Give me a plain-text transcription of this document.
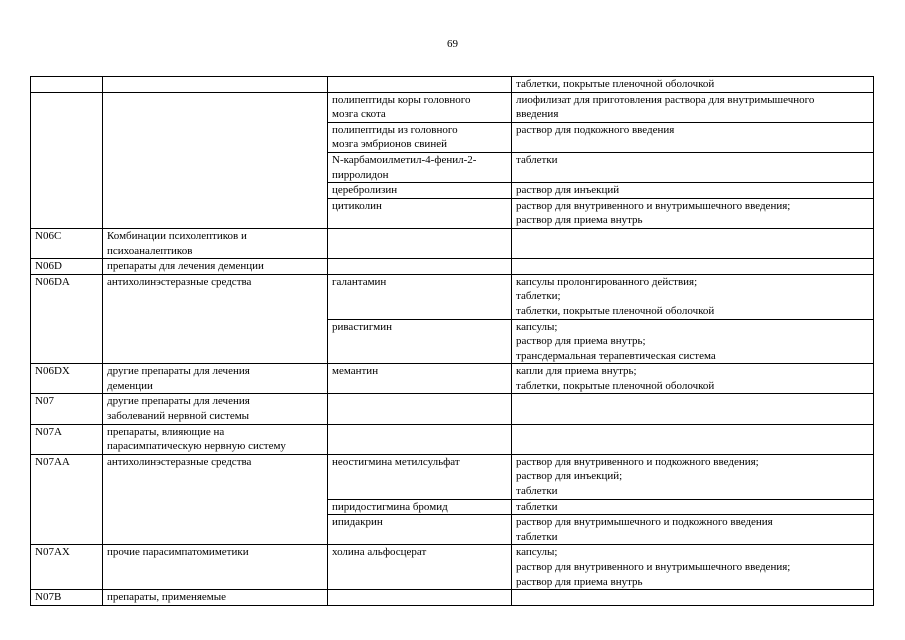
69

			таблетки, покрытые пленочной оболочкой

		полипептиды коры головного
мозга скота	лиофилизат для приготовления раствора для внутримышечного
введения

		полипептиды из головного
мозга эмбрионов свиней	раствор для подкожного введения

		N-карбамоилметил-4-фенил-2-
пирролидон	таблетки

		церебролизин	раствор для инъекций

		цитиколин	раствор для внутривенного и внутримышечного введения;
раствор для приема внутрь

N06C	Комбинации психолептиков и
психоаналептиков		

N06D	препараты для лечения деменции		

N06DA	антихолинэстеразные средства	галантамин	капсулы пролонгированного действия;
таблетки;
таблетки, покрытые пленочной оболочкой

		ривастигмин	капсулы;
раствор для приема внутрь;
трансдермальная терапевтическая система

N06DX	другие препараты для лечения
деменции	мемантин	капли для приема внутрь;
таблетки, покрытые пленочной оболочкой

N07	другие препараты для лечения
заболеваний нервной системы		

N07A	препараты, влияющие на
парасимпатическую нервную систему		

N07AA	антихолинэстеразные средства	неостигмина метилсульфат	раствор для внутривенного и подкожного введения;
раствор для инъекций;
таблетки

		пиридостигмина бромид	таблетки

		ипидакрин	раствор для внутримышечного и подкожного введения
таблетки

N07AX	прочие парасимпатомиметики	холина альфосцерат	капсулы;
раствор для внутривенного и внутримышечного введения;
раствор для приема внутрь

N07B	препараты, применяемые		
